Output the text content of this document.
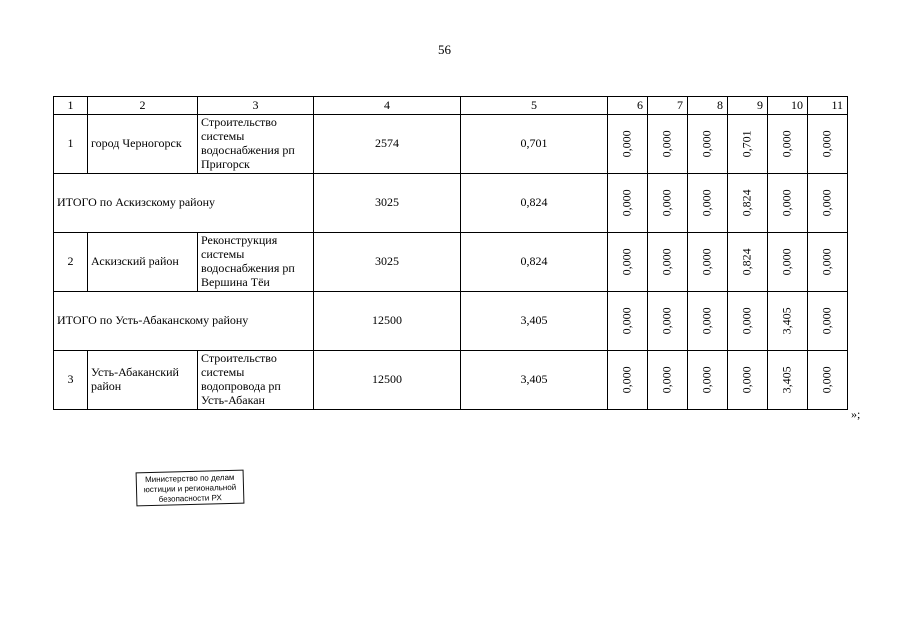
56
1	2	3	4	5	6	7	8	9	10	11
1	город Черногорск	Строительство системы водоснабжения рп Пригорск	2574	0,701	0,000	0,000	0,000	0,701	0,000	0,000
ИТОГО по Аскизскому району			3025	0,824	0,000	0,000	0,000	0,824	0,000	0,000
2	Аскизский район	Реконструкция системы водоснабжения рп Вершина Тёи	3025	0,824	0,000	0,000	0,000	0,824	0,000	0,000
ИТОГО по Усть-Абаканскому району			12500	3,405	0,000	0,000	0,000	0,000	3,405	0,000
3	Усть-Абаканский район	Строительство системы водопровода рп Усть-Абакан	12500	3,405	0,000	0,000	0,000	0,000	3,405	0,000
»;
Министерство по делам
юстиции и региональной
безопасности РХ
